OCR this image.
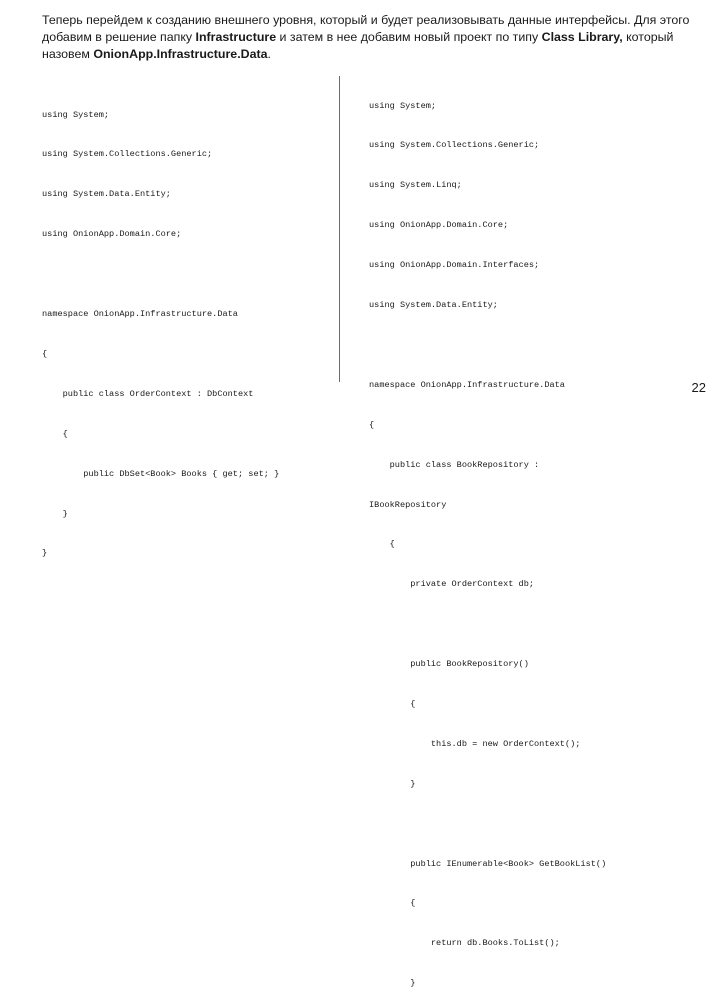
Теперь перейдем к созданию внешнего уровня, который и будет реализовывать данные интерфейсы. Для этого добавим в решение папку Infrastructure и затем в нее добавим новый проект по типу Class Library, который назовем OnionApp.Infrastructure.Data.

using System;

using System.Collections.Generic;

using System.Data.Entity;

using OnionApp.Domain.Core;

namespace OnionApp.Infrastructure.Data

{

public class OrderContext : DbContext

{

public DbSet<Book> Books { get; set; }

}

}

using System;

using System.Collections.Generic;

using System.Linq;

using OnionApp.Domain.Core;

using OnionApp.Domain.Interfaces;

using System.Data.Entity;

namespace OnionApp.Infrastructure.Data

{

public class BookRepository :

IBookRepository

{

private OrderContext db;

public BookRepository()

{

this.db = new OrderContext();

}

public IEnumerable<Book> GetBookList()

{

return db.Books.ToList();

}

22
